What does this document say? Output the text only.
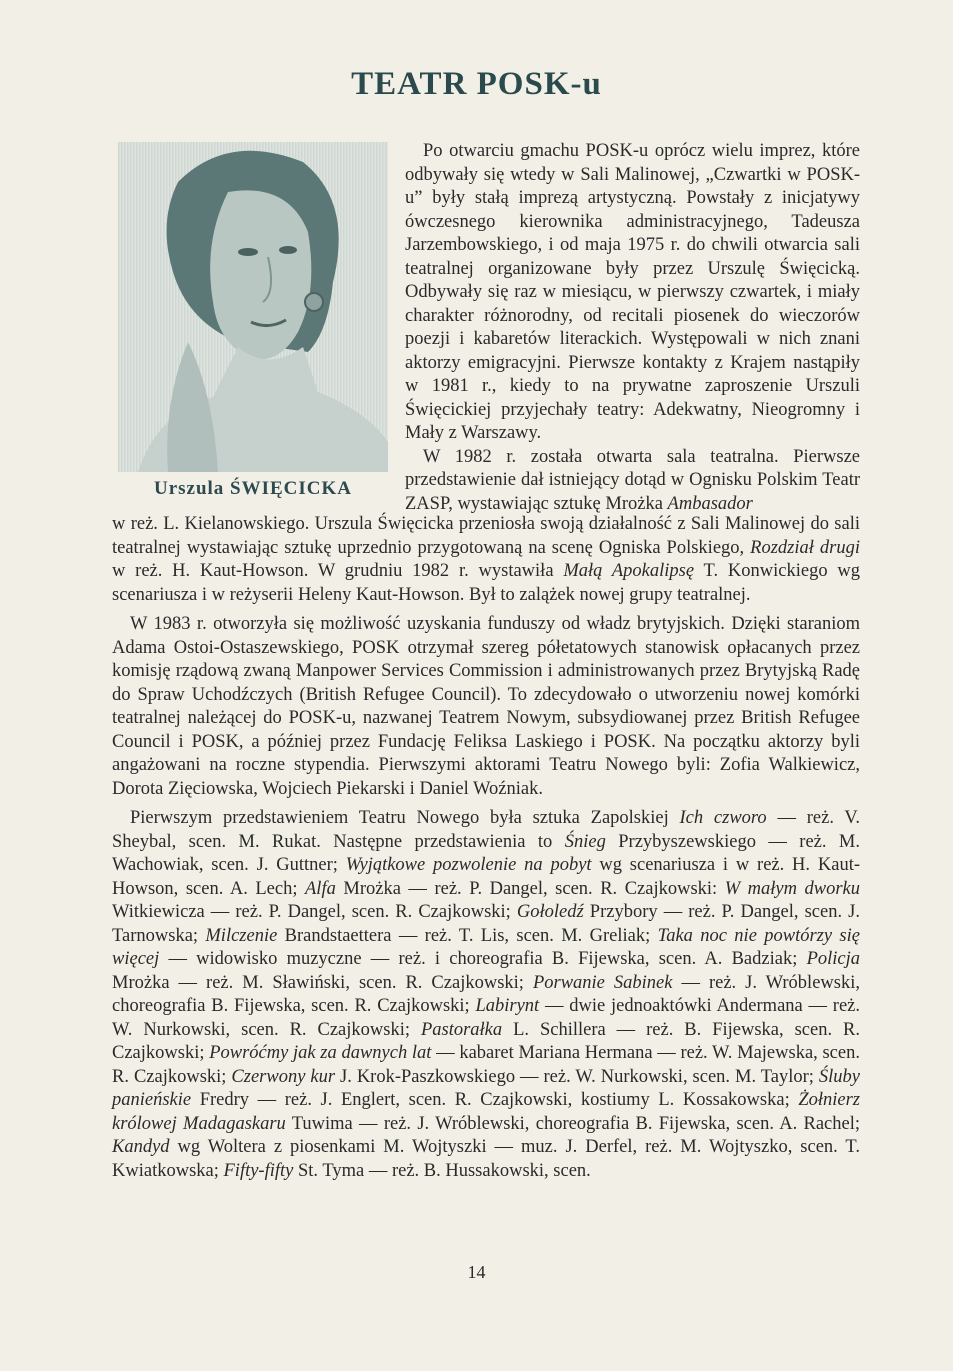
TEATR POSK-u
Urszula ŚWIĘCICKA

Po otwarciu gmachu POSK-u oprócz wielu imprez, które odbywały się wtedy w Sali Malinowej, „Czwartki w POSK-u” były stałą imprezą artystyczną. Powstały z inicjatywy ówczesnego kierownika administracyjnego, Tadeusza Jarzembowskiego, i od maja 1975 r. do chwili otwarcia sali teatralnej organizowane były przez Urszulę Święcicką. Odbywały się raz w miesiącu, w pierwszy czwartek, i miały charakter różnorodny, od recitali piosenek do wieczorów poezji i kabaretów literackich. Występowali w nich znani aktorzy emigracyjni. Pierwsze kontakty z Krajem nastąpiły w 1981 r., kiedy to na prywatne zaproszenie Urszuli Święcickiej przyjechały teatry: Adekwatny, Nieogromny i Mały z Warszawy.

W 1982 r. została otwarta sala teatralna. Pierwsze przedstawienie dał istniejący dotąd w Ognisku Polskim Teatr ZASP, wystawiając sztukę Mrożka Ambasador

w reż. L. Kielanowskiego. Urszula Święcicka przeniosła swoją działalność z Sali Malinowej do sali teatralnej wystawiając sztukę uprzednio przygotowaną na scenę Ogniska Polskiego, Rozdział drugi w reż. H. Kaut-Howson. W grudniu 1982 r. wystawiła Małą Apokalipsę T. Konwickiego wg scenariusza i w reżyserii Heleny Kaut-Howson. Był to zalążek nowej grupy teatralnej.

W 1983 r. otworzyła się możliwość uzyskania funduszy od władz brytyjskich. Dzięki staraniom Adama Ostoi-Ostaszewskiego, POSK otrzymał szereg półetatowych stanowisk opłacanych przez komisję rządową zwaną Manpower Services Commission i administrowanych przez Brytyjską Radę do Spraw Uchodźczych (British Refugee Council). To zdecydowało o utworzeniu nowej komórki teatralnej należącej do POSK-u, nazwanej Teatrem Nowym, subsydiowanej przez British Refugee Council i POSK, a później przez Fundację Feliksa Laskiego i POSK. Na początku aktorzy byli angażowani na roczne stypendia. Pierwszymi aktorami Teatru Nowego byli: Zofia Walkiewicz, Dorota Zięciowska, Wojciech Piekarski i Daniel Woźniak.

Pierwszym przedstawieniem Teatru Nowego była sztuka Zapolskiej Ich czworo — reż. V. Sheybal, scen. M. Rukat. Następne przedstawienia to Śnieg Przybyszewskiego — reż. M. Wachowiak, scen. J. Guttner; Wyjątkowe pozwolenie na pobyt wg scenariusza i w reż. H. Kaut-Howson, scen. A. Lech; Alfa Mrożka — reż. P. Dangel, scen. R. Czajkowski: W małym dworku Witkiewicza — reż. P. Dangel, scen. R. Czajkowski; Gołoledź Przybory — reż. P. Dangel, scen. J. Tarnowska; Milczenie Brandstaettera — reż. T. Lis, scen. M. Greliak; Taka noc nie powtórzy się więcej — widowisko muzyczne — reż. i choreografia B. Fijewska, scen. A. Badziak; Policja Mrożka — reż. M. Sławiński, scen. R. Czajkowski; Porwanie Sabinek — reż. J. Wróblewski, choreografia B. Fijewska, scen. R. Czajkowski; Labirynt — dwie jednoaktówki Andermana — reż. W. Nurkowski, scen. R. Czajkowski; Pastorałka L. Schillera — reż. B. Fijewska, scen. R. Czajkowski; Powróćmy jak za dawnych lat — kabaret Mariana Hermana — reż. W. Majewska, scen. R. Czajkowski; Czerwony kur J. Krok-Paszkowskiego — reż. W. Nurkowski, scen. M. Taylor; Śluby panieńskie Fredry — reż. J. Englert, scen. R. Czajkowski, kostiumy L. Kossakowska; Żołnierz królowej Madagaskaru Tuwima — reż. J. Wróblewski, choreografia B. Fijewska, scen. A. Rachel; Kandyd wg Woltera z piosenkami M. Wojtyszki — muz. J. Derfel, reż. M. Wojtyszko, scen. T. Kwiatkowska; Fifty-fifty St. Tyma — reż. B. Hussakowski, scen.

14
